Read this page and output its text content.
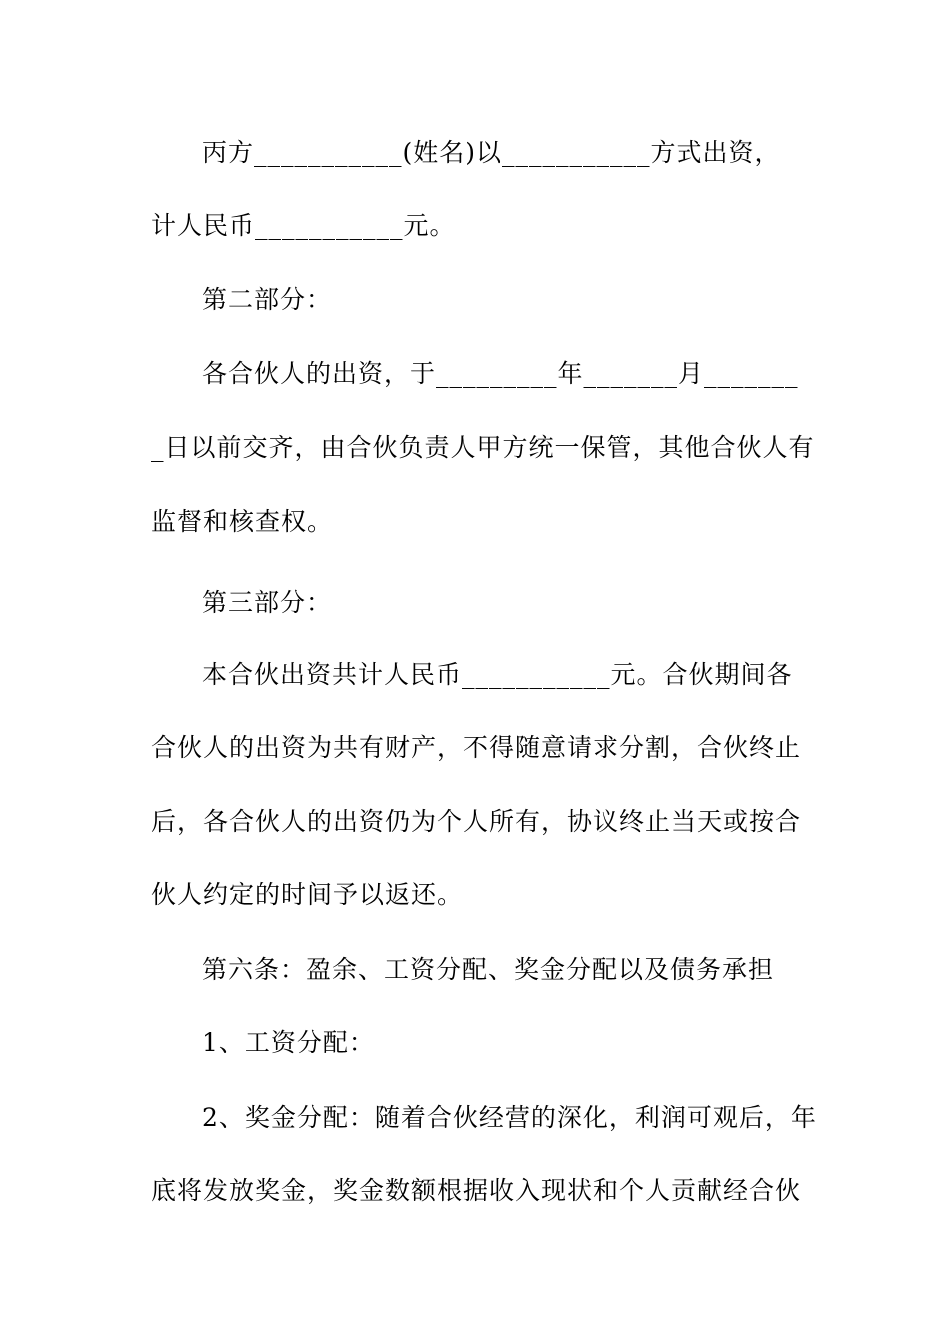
丙方___________(姓名)以___________方式出资，
计人民币___________元。
第二部分：
各合伙人的出资，于_________年_______月_______
_日以前交齐，由合伙负责人甲方统一保管，其他合伙人有
监督和核查权。
第三部分：
本合伙出资共计人民币___________元。合伙期间各
合伙人的出资为共有财产，不得随意请求分割，合伙终止
后，各合伙人的出资仍为个人所有，协议终止当天或按合
伙人约定的时间予以返还。
第六条：盈余、工资分配、奖金分配以及债务承担
1、工资分配：
2、奖金分配：随着合伙经营的深化，利润可观后，年
底将发放奖金，奖金数额根据收入现状和个人贡献经合伙
